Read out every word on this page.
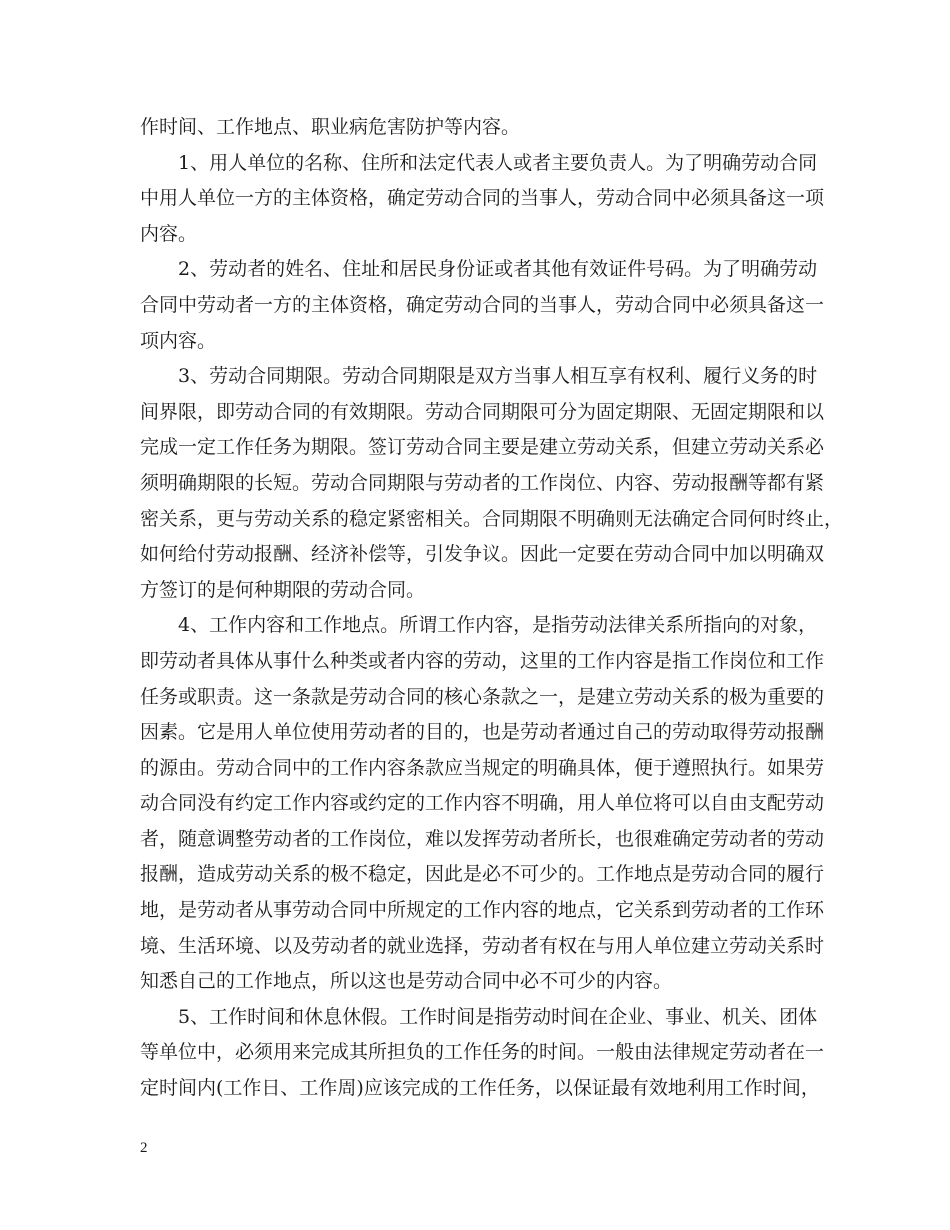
作时间、工作地点、职业病危害防护等内容。
1、用人单位的名称、住所和法定代表人或者主要负责人。为了明确劳动合同
中用人单位一方的主体资格，确定劳动合同的当事人，劳动合同中必须具备这一项
内容。
2、劳动者的姓名、住址和居民身份证或者其他有效证件号码。为了明确劳动
合同中劳动者一方的主体资格，确定劳动合同的当事人，劳动合同中必须具备这一
项内容。
3、劳动合同期限。劳动合同期限是双方当事人相互享有权利、履行义务的时
间界限，即劳动合同的有效期限。劳动合同期限可分为固定期限、无固定期限和以
完成一定工作任务为期限。签订劳动合同主要是建立劳动关系，但建立劳动关系必
须明确期限的长短。劳动合同期限与劳动者的工作岗位、内容、劳动报酬等都有紧
密关系，更与劳动关系的稳定紧密相关。合同期限不明确则无法确定合同何时终止，
如何给付劳动报酬、经济补偿等，引发争议。因此一定要在劳动合同中加以明确双
方签订的是何种期限的劳动合同。
4、工作内容和工作地点。所谓工作内容，是指劳动法律关系所指向的对象，
即劳动者具体从事什么种类或者内容的劳动，这里的工作内容是指工作岗位和工作
任务或职责。这一条款是劳动合同的核心条款之一，是建立劳动关系的极为重要的
因素。它是用人单位使用劳动者的目的，也是劳动者通过自己的劳动取得劳动报酬
的源由。劳动合同中的工作内容条款应当规定的明确具体，便于遵照执行。如果劳
动合同没有约定工作内容或约定的工作内容不明确，用人单位将可以自由支配劳动
者，随意调整劳动者的工作岗位，难以发挥劳动者所长，也很难确定劳动者的劳动
报酬，造成劳动关系的极不稳定，因此是必不可少的。工作地点是劳动合同的履行
地，是劳动者从事劳动合同中所规定的工作内容的地点，它关系到劳动者的工作环
境、生活环境、以及劳动者的就业选择，劳动者有权在与用人单位建立劳动关系时
知悉自己的工作地点，所以这也是劳动合同中必不可少的内容。
5、工作时间和休息休假。工作时间是指劳动时间在企业、事业、机关、团体
等单位中，必须用来完成其所担负的工作任务的时间。一般由法律规定劳动者在一
定时间内(工作日、工作周)应该完成的工作任务，以保证最有效地利用工作时间，
2
